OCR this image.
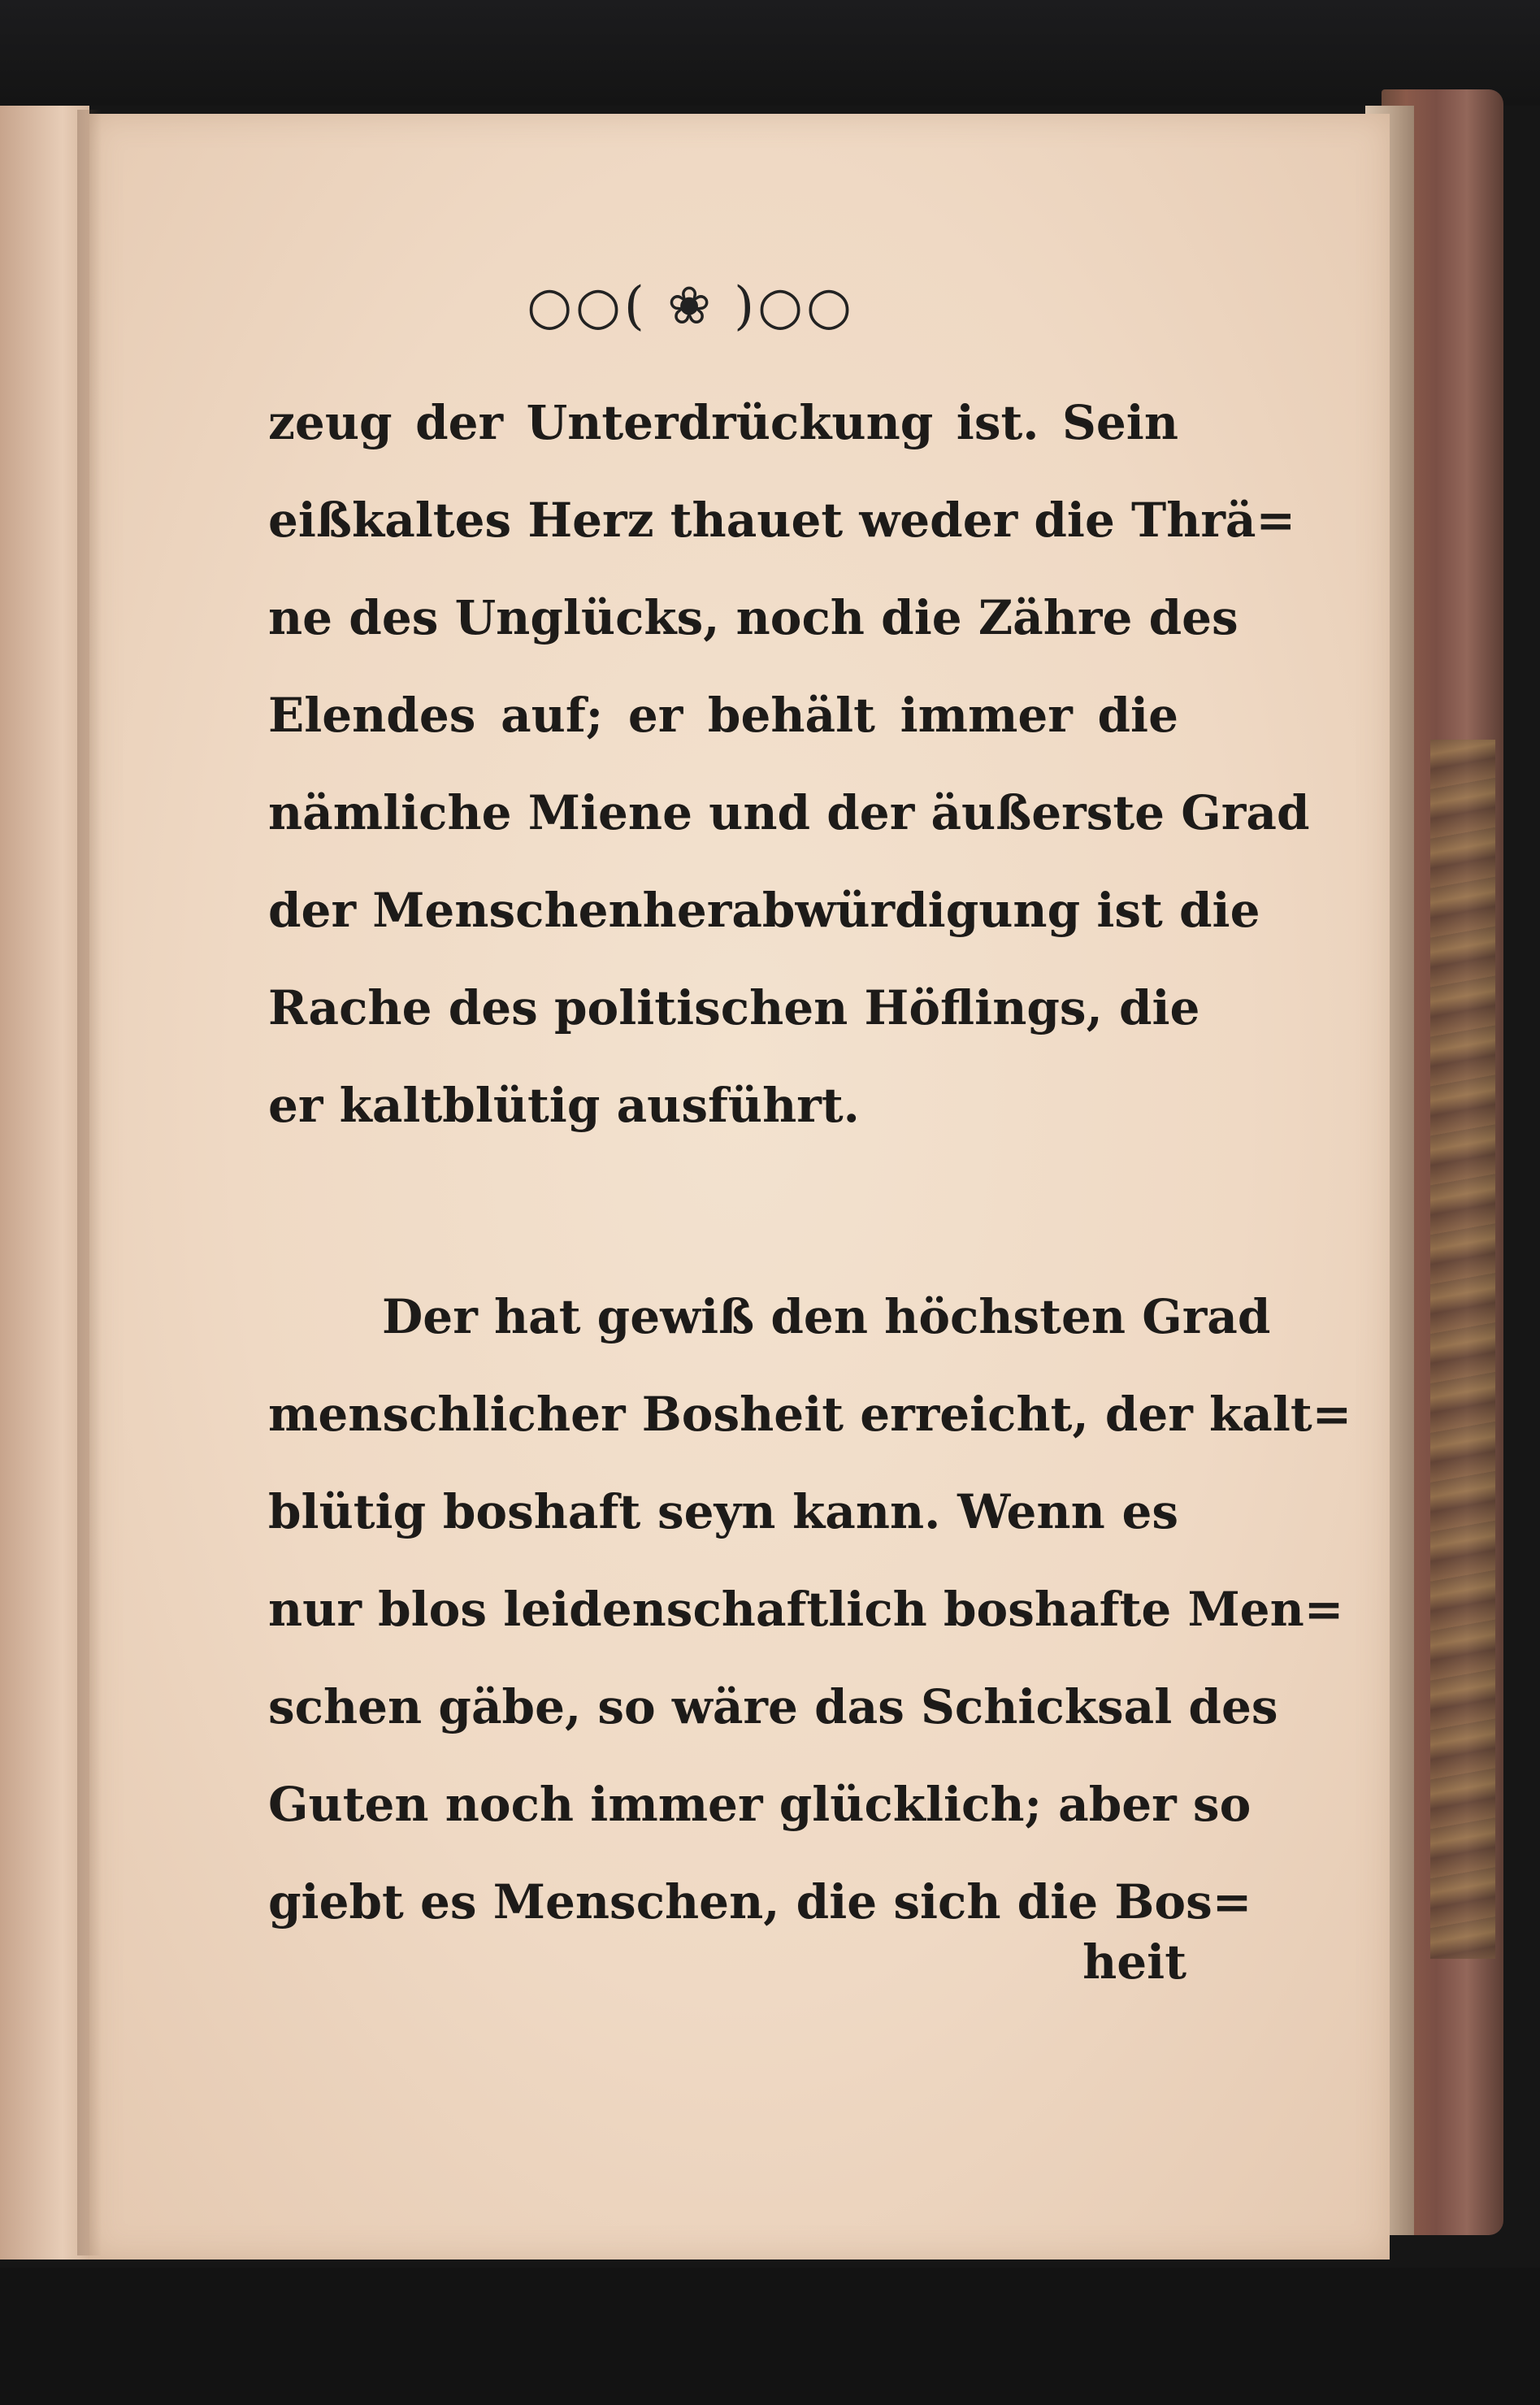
○○( ❀ )○○
zeug der Unterdrückung ist. Sein
eißkaltes Herz thauet weder die Thrä=
ne des Unglücks, noch die Zähre des
Elendes auf; er behält immer die
nämliche Miene und der äußerste Grad
der Menschenherabwürdigung ist die
Rache des politischen Höflings, die
er kaltblütig ausführt.
Der hat gewiß den höchsten Grad
menschlicher Bosheit erreicht, der kalt=
blütig boshaft seyn kann. Wenn es
nur blos leidenschaftlich boshafte Men=
schen gäbe, so wäre das Schicksal des
Guten noch immer glücklich; aber so
giebt es Menschen, die sich die Bos=
heit
